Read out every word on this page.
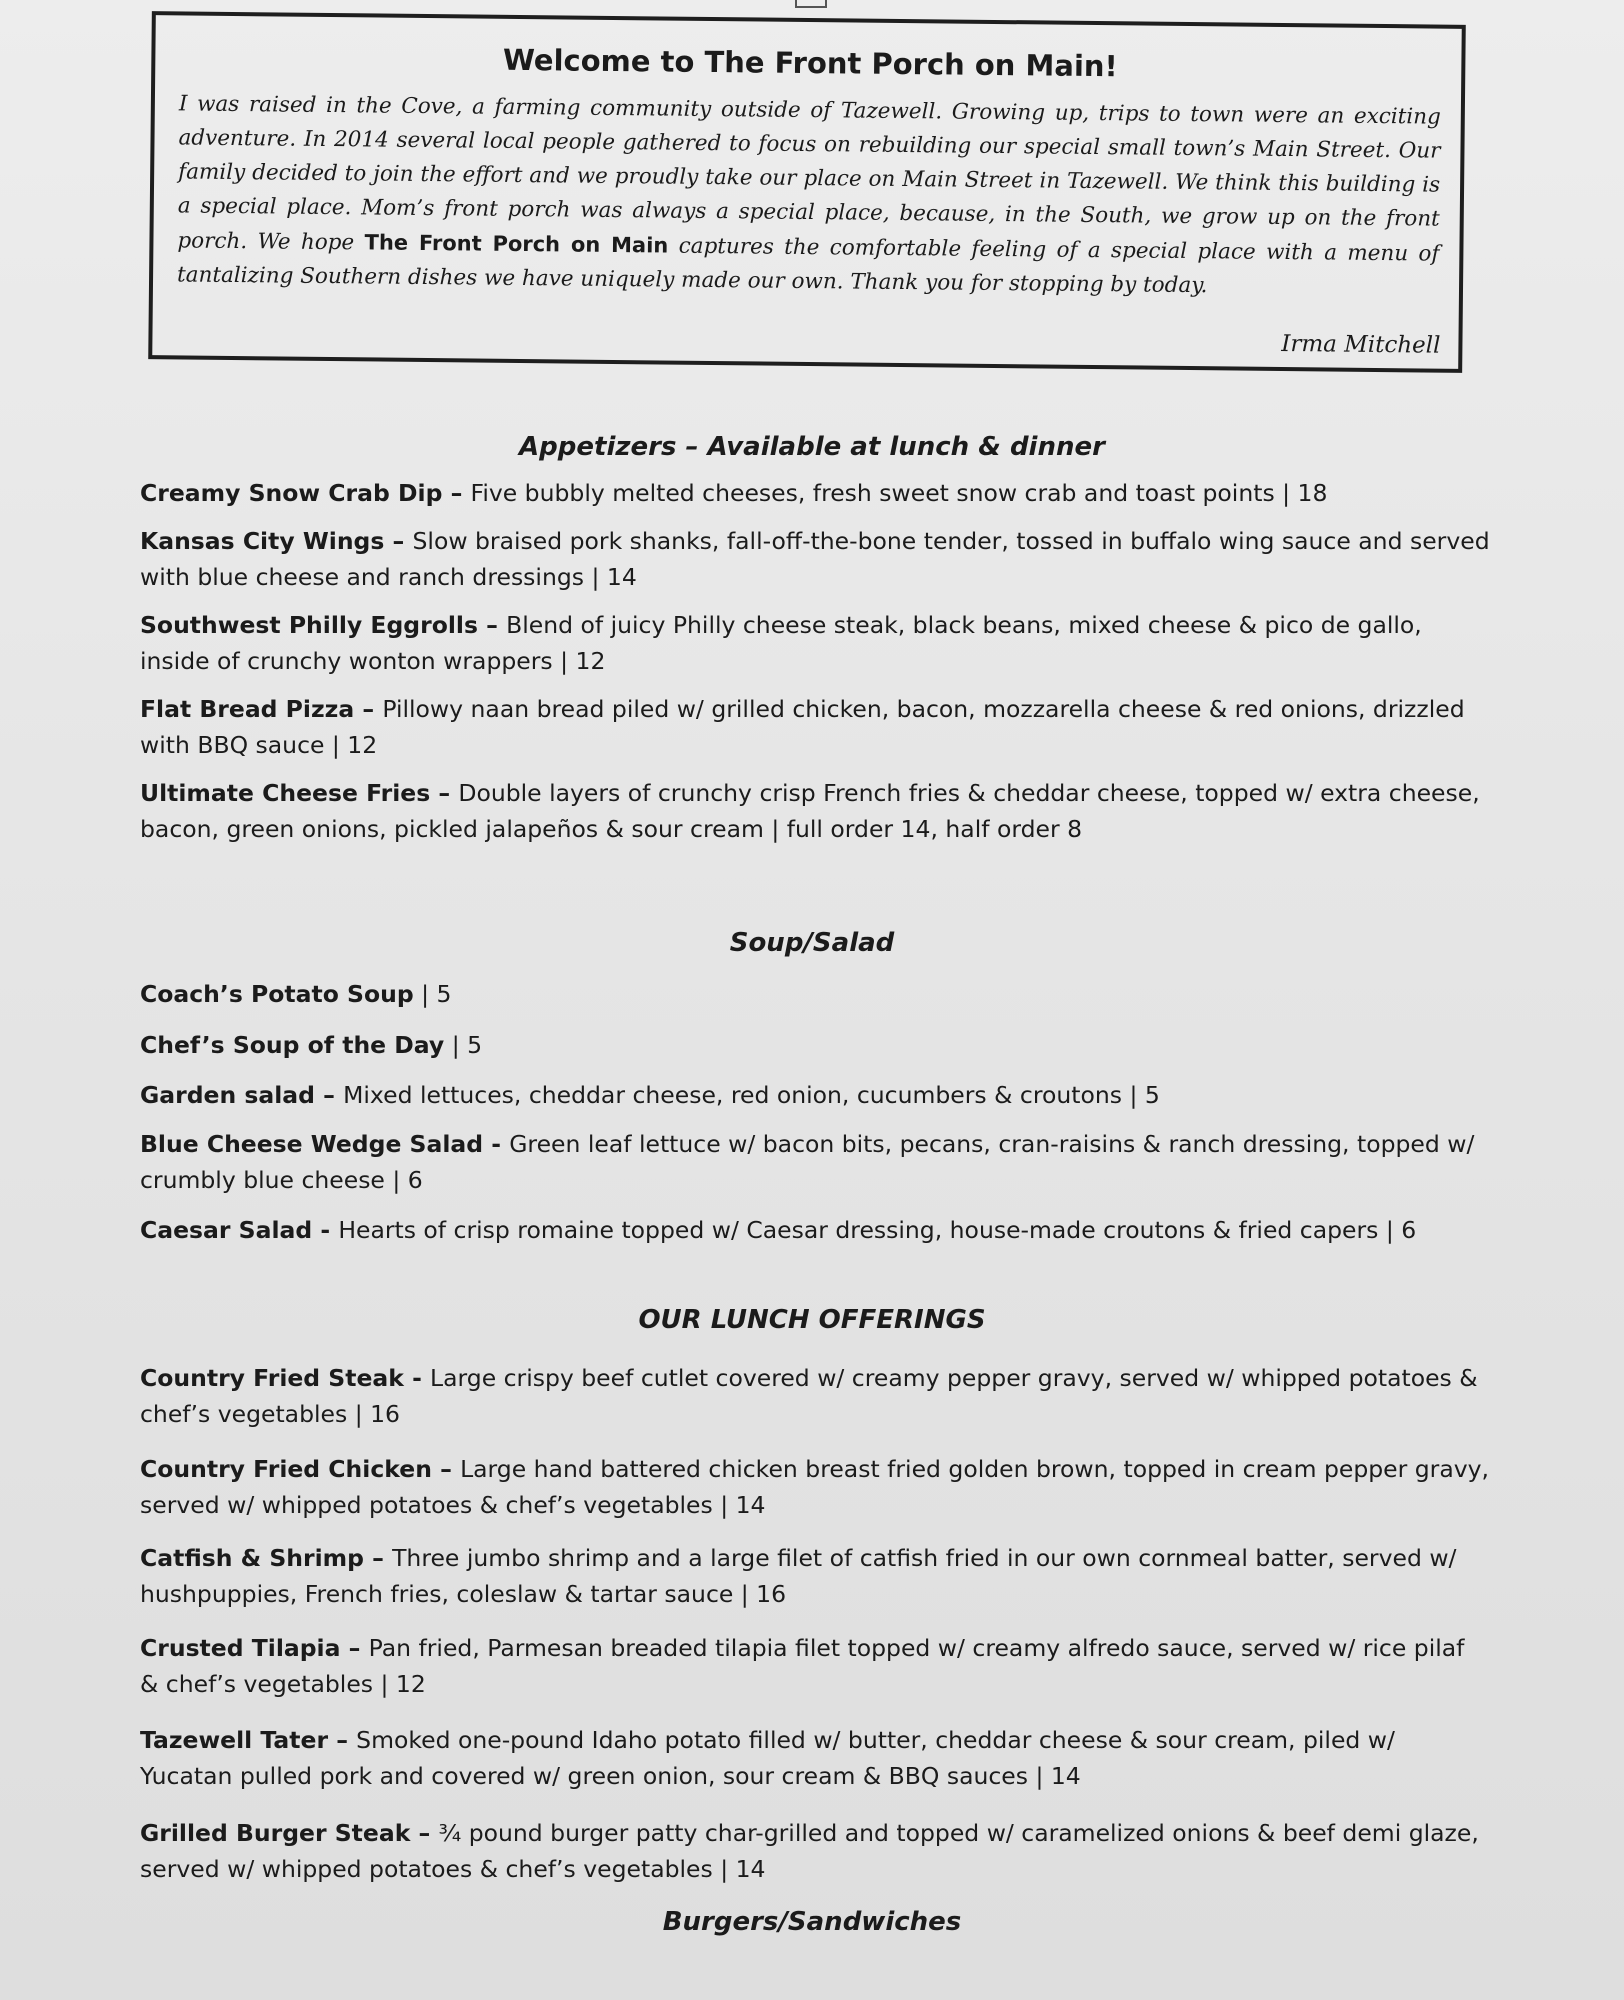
Welcome to The Front Porch on Main!

I was raised in the Cove, a farming community outside of Tazewell. Growing up, trips to town were an exciting adventure. In 2014 several local people gathered to focus on rebuilding our special small town’s Main Street. Our family decided to join the effort and we proudly take our place on Main Street in Tazewell. We think this building is a special place. Mom’s front porch was always a special place, because, in the South, we grow up on the front porch. We hope The Front Porch on Main captures the comfortable feeling of a special place with a menu of tantalizing Southern dishes we have uniquely made our own. Thank you for stopping by today.

Irma Mitchell
Appetizers – Available at lunch & dinner

Creamy Snow Crab Dip – Five bubbly melted cheeses, fresh sweet snow crab and toast points | 18

Kansas City Wings – Slow braised pork shanks, fall-off-the-bone tender, tossed in buffalo wing sauce and served with blue cheese and ranch dressings | 14

Southwest Philly Eggrolls – Blend of juicy Philly cheese steak, black beans, mixed cheese & pico de gallo, inside of crunchy wonton wrappers | 12

Flat Bread Pizza – Pillowy naan bread piled w/ grilled chicken, bacon, mozzarella cheese & red onions, drizzled with BBQ sauce | 12

Ultimate Cheese Fries – Double layers of crunchy crisp French fries & cheddar cheese, topped w/ extra cheese, bacon, green onions, pickled jalapeños & sour cream | full order 14, half order 8

Soup/Salad

Coach’s Potato Soup | 5

Chef’s Soup of the Day | 5

Garden salad – Mixed lettuces, cheddar cheese, red onion, cucumbers & croutons | 5

Blue Cheese Wedge Salad - Green leaf lettuce w/ bacon bits, pecans, cran-raisins & ranch dressing, topped w/ crumbly blue cheese | 6

Caesar Salad - Hearts of crisp romaine topped w/ Caesar dressing, house-made croutons & fried capers | 6

OUR LUNCH OFFERINGS

Country Fried Steak - Large crispy beef cutlet covered w/ creamy pepper gravy, served w/ whipped potatoes & chef’s vegetables | 16

Country Fried Chicken – Large hand battered chicken breast fried golden brown, topped in cream pepper gravy, served w/ whipped potatoes & chef’s vegetables | 14

Catfish & Shrimp – Three jumbo shrimp and a large filet of catfish fried in our own cornmeal batter, served w/ hushpuppies, French fries, coleslaw & tartar sauce | 16

Crusted Tilapia – Pan fried, Parmesan breaded tilapia filet topped w/ creamy alfredo sauce, served w/ rice pilaf & chef’s vegetables | 12

Tazewell Tater – Smoked one-pound Idaho potato filled w/ butter, cheddar cheese & sour cream, piled w/ Yucatan pulled pork and covered w/ green onion, sour cream & BBQ sauces | 14

Grilled Burger Steak – ¾ pound burger patty char-grilled and topped w/ caramelized onions & beef demi glaze, served w/ whipped potatoes & chef’s vegetables | 14

Burgers/Sandwiches
